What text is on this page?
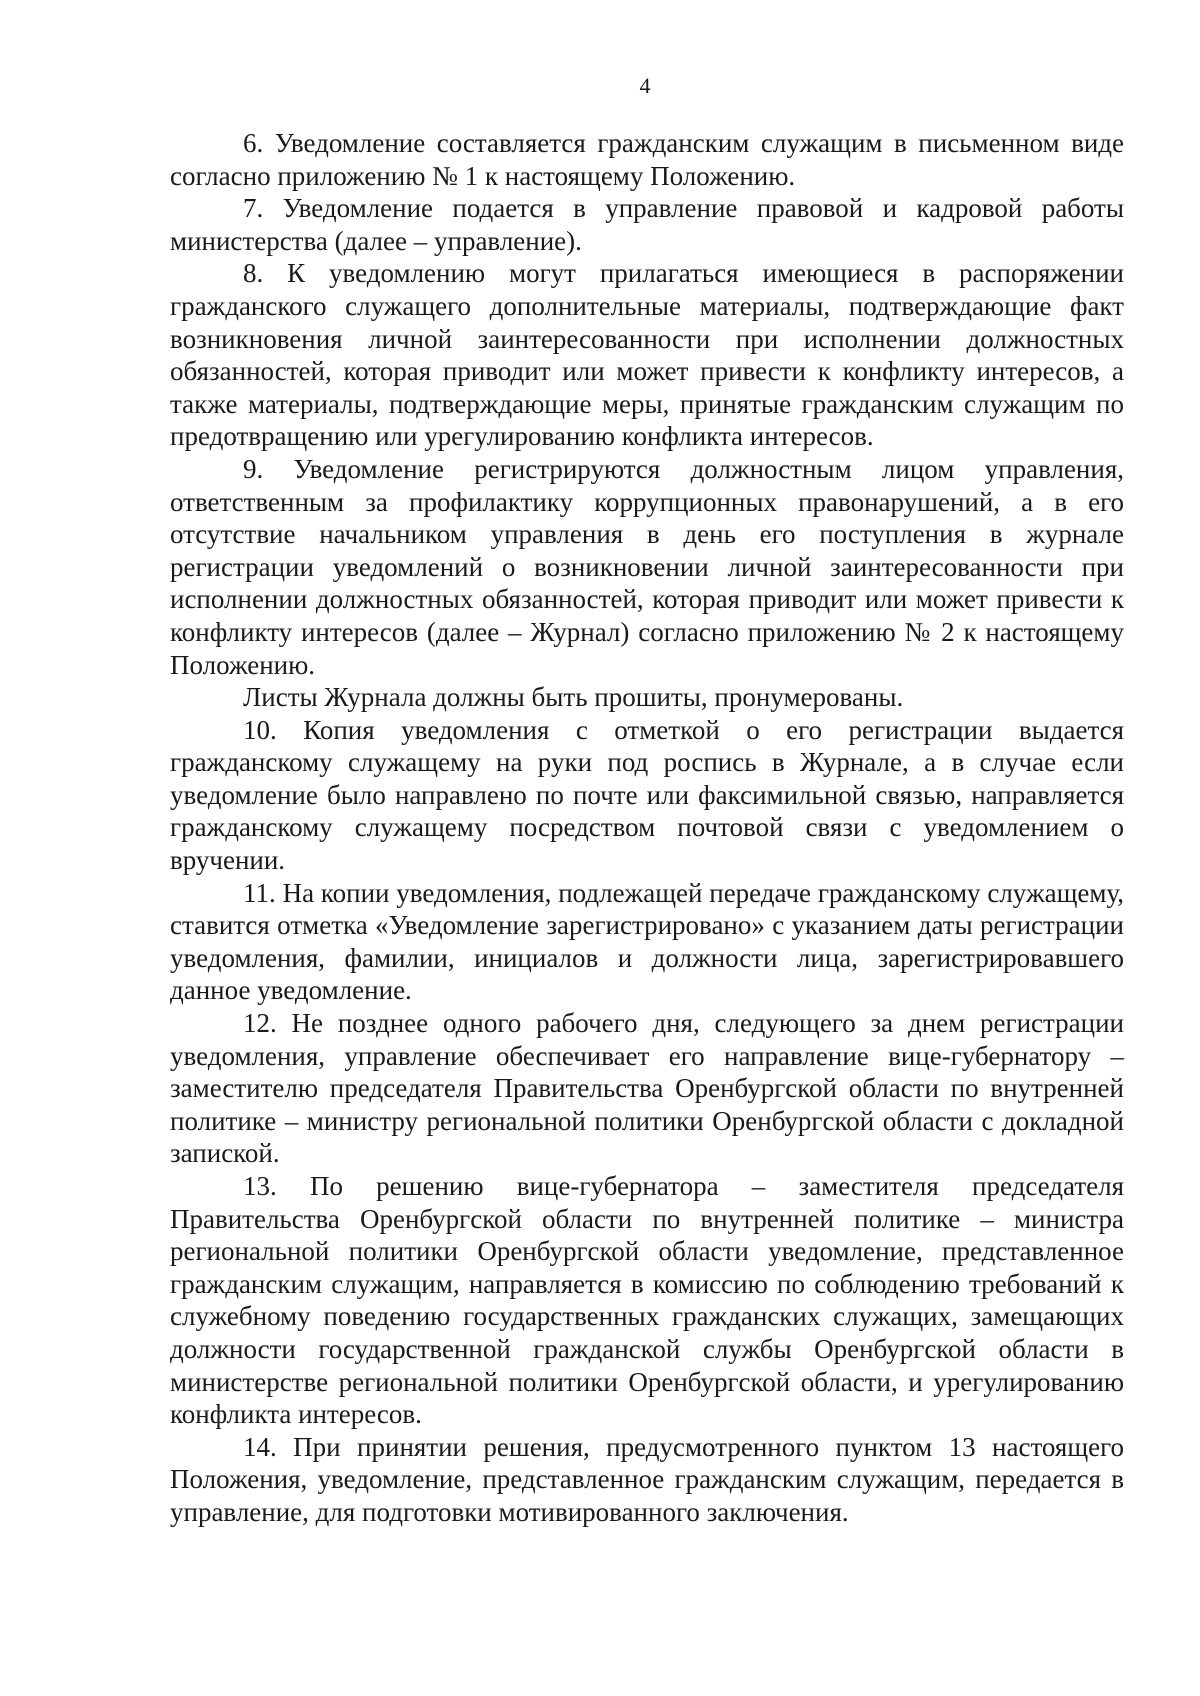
4

6. Уведомление составляется гражданским служащим в письменном виде согласно приложению № 1 к настоящему Положению.

7. Уведомление подается в управление правовой и кадровой работы министерства (далее – управление).

8. К уведомлению могут прилагаться имеющиеся в распоряжении гражданского служащего дополнительные материалы, подтверждающие факт возникновения личной заинтересованности при исполнении должностных обязанностей, которая приводит или может привести к конфликту интересов, а также материалы, подтверждающие меры, принятые гражданским служащим по предотвращению или урегулированию конфликта интересов.

9. Уведомление регистрируются должностным лицом управления, ответственным за профилактику коррупционных правонарушений, а в его отсутствие начальником управления в день его поступления в журнале регистрации уведомлений о возникновении личной заинтересованности при исполнении должностных обязанностей, которая приводит или может привести к конфликту интересов (далее – Журнал) согласно приложению № 2 к настоящему Положению.

Листы Журнала должны быть прошиты, пронумерованы.

10. Копия уведомления с отметкой о его регистрации выдается гражданскому служащему на руки под роспись в Журнале, а в случае если уведомление было направлено по почте или факсимильной связью, направляется гражданскому служащему посредством почтовой связи с уведомлением о вручении.

11. На копии уведомления, подлежащей передаче гражданскому служащему, ставится отметка «Уведомление зарегистрировано» с указанием даты регистрации уведомления, фамилии, инициалов и должности лица, зарегистрировавшего данное уведомление.

12. Не позднее одного рабочего дня, следующего за днем регистрации уведомления, управление обеспечивает его направление вице-губернатору – заместителю председателя Правительства Оренбургской области по внутренней политике – министру региональной политики Оренбургской области с докладной запиской.

13. По решению вице-губернатора – заместителя председателя Правительства Оренбургской области по внутренней политике – министра региональной политики Оренбургской области уведомление, представленное гражданским служащим, направляется в комиссию по соблюдению требований к служебному поведению государственных гражданских служащих, замещающих должности государственной гражданской службы Оренбургской области в министерстве региональной политики Оренбургской области, и урегулированию конфликта интересов.

14. При принятии решения, предусмотренного пунктом 13 настоящего Положения, уведомление, представленное гражданским служащим, передается в управление, для подготовки мотивированного заключения.
